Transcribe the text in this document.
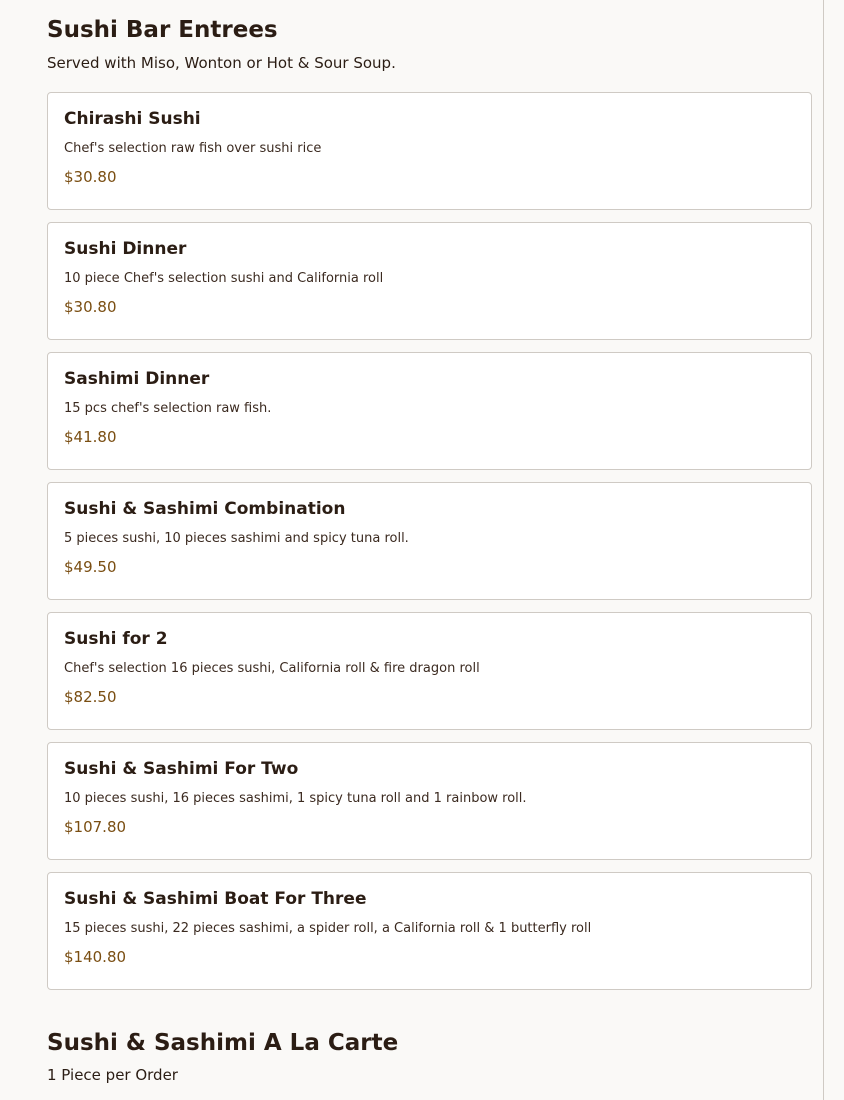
Sushi Bar Entrees

Served with Miso, Wonton or Hot & Sour Soup.

Chirashi Sushi
Chef's selection raw fish over sushi rice
$30.80
Sushi Dinner
10 piece Chef's selection sushi and California roll
$30.80
Sashimi Dinner
15 pcs chef's selection raw fish.
$41.80
Sushi & Sashimi Combination
5 pieces sushi, 10 pieces sashimi and spicy tuna roll.
$49.50
Sushi for 2
Chef's selection 16 pieces sushi, California roll & fire dragon roll
$82.50
Sushi & Sashimi For Two
10 pieces sushi, 16 pieces sashimi, 1 spicy tuna roll and 1 rainbow roll.
$107.80
Sushi & Sashimi Boat For Three
15 pieces sushi, 22 pieces sashimi, a spider roll, a California roll & 1 butterfly roll
$140.80
Sushi & Sashimi A La Carte

1 Piece per Order
